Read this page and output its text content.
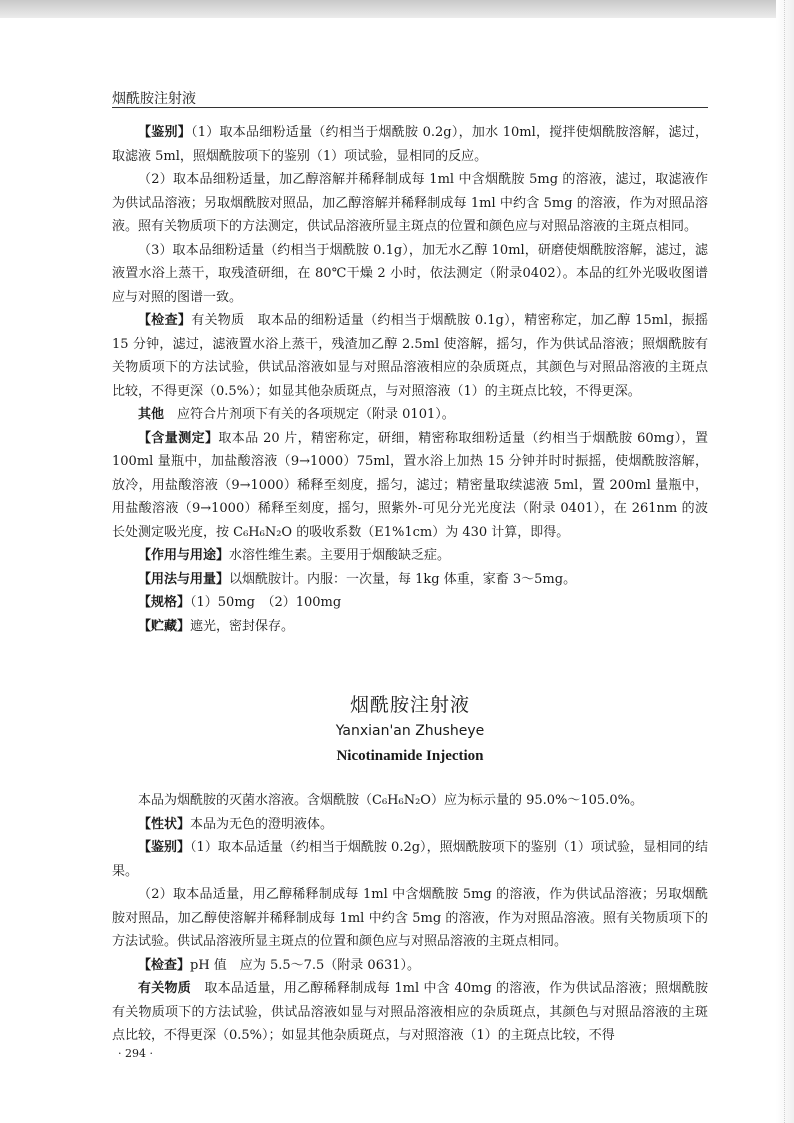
烟酰胺注射液

【鉴别】（1）取本品细粉适量（约相当于烟酰胺 0.2g），加水 10ml，搅拌使烟酰胺溶解，滤过，取滤液 5ml，照烟酰胺项下的鉴别（1）项试验，显相同的反应。

（2）取本品细粉适量，加乙醇溶解并稀释制成每 1ml 中含烟酰胺 5mg 的溶液，滤过，取滤液作为供试品溶液；另取烟酰胺对照品，加乙醇溶解并稀释制成每 1ml 中约含 5mg 的溶液，作为对照品溶液。照有关物质项下的方法测定，供试品溶液所显主斑点的位置和颜色应与对照品溶液的主斑点相同。

（3）取本品细粉适量（约相当于烟酰胺 0.1g），加无水乙醇 10ml，研磨使烟酰胺溶解，滤过，滤液置水浴上蒸干，取残渣研细，在 80℃干燥 2 小时，依法测定（附录0402）。本品的红外光吸收图谱应与对照的图谱一致。

【检查】有关物质　取本品的细粉适量（约相当于烟酰胺 0.1g），精密称定，加乙醇 15ml，振摇 15 分钟，滤过，滤液置水浴上蒸干，残渣加乙醇 2.5ml 使溶解，摇匀，作为供试品溶液；照烟酰胺有关物质项下的方法试验，供试品溶液如显与对照品溶液相应的杂质斑点，其颜色与对照品溶液的主斑点比较，不得更深（0.5%）；如显其他杂质斑点，与对照溶液（1）的主斑点比较，不得更深。

其他　 应符合片剂项下有关的各项规定（附录 0101）。

【含量测定】取本品 20 片，精密称定，研细，精密称取细粉适量（约相当于烟酰胺 60mg），置 100ml 量瓶中，加盐酸溶液（9→1000）75ml，置水浴上加热 15 分钟并时时振摇，使烟酰胺溶解，放冷，用盐酸溶液（9→1000）稀释至刻度，摇匀，滤过；精密量取续滤液 5ml，置 200ml 量瓶中，用盐酸溶液（9→1000）稀释至刻度，摇匀，照紫外-可见分光光度法（附录 0401），在 261nm 的波长处测定吸光度，按 C₆H₆N₂O 的吸收系数（E1%1cm）为 430 计算，即得。

【作用与用途】水溶性维生素。主要用于烟酸缺乏症。

【用法与用量】以烟酰胺计。内服：一次量，每 1kg 体重，家畜 3～5mg。

【规格】（1）50mg　（2）100mg

【贮藏】遮光，密封保存。

烟酰胺注射液
Yanxian'an Zhusheye
Nicotinamide Injection

本品为烟酰胺的灭菌水溶液。含烟酰胺（C₆H₆N₂O）应为标示量的 95.0%～105.0%。

【性状】本品为无色的澄明液体。

【鉴别】（1）取本品适量（约相当于烟酰胺 0.2g），照烟酰胺项下的鉴别（1）项试验，显相同的结果。

（2）取本品适量，用乙醇稀释制成每 1ml 中含烟酰胺 5mg 的溶液，作为供试品溶液；另取烟酰胺对照品，加乙醇使溶解并稀释制成每 1ml 中约含 5mg 的溶液，作为对照品溶液。照有关物质项下的方法试验。供试品溶液所显主斑点的位置和颜色应与对照品溶液的主斑点相同。

【检查】pH 值　应为 5.5～7.5（附录 0631）。

有关物质　 取本品适量，用乙醇稀释制成每 1ml 中含 40mg 的溶液，作为供试品溶液；照烟酰胺有关物质项下的方法试验，供试品溶液如显与对照品溶液相应的杂质斑点，其颜色与对照品溶液的主斑点比较，不得更深（0.5%）；如显其他杂质斑点，与对照溶液（1）的主斑点比较，不得

· 294 ·
